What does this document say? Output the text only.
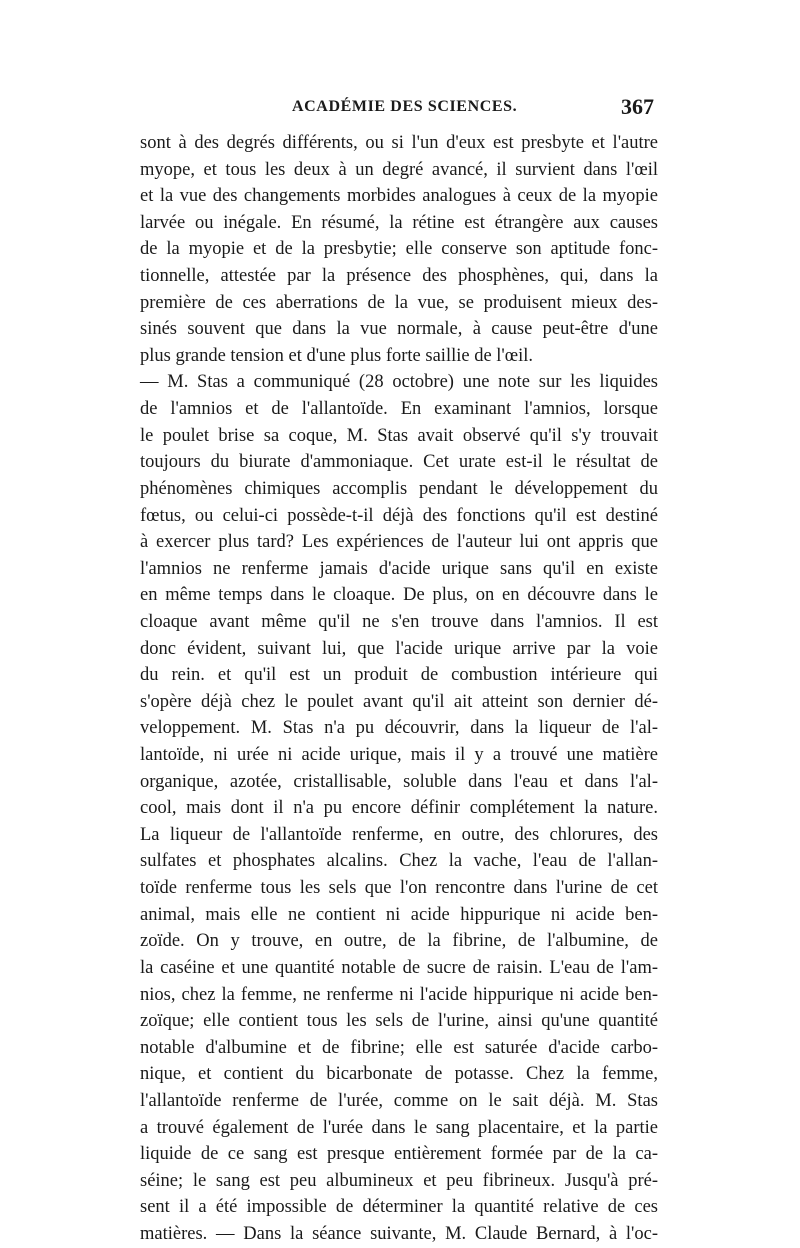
ACADÉMIE DES SCIENCES.	367
sont à des degrés différents, ou si l'un d'eux est presbyte et l'autre
myope, et tous les deux à un degré avancé, il survient dans l'œil
et la vue des changements morbides analogues à ceux de la myopie
larvée ou inégale. En résumé, la rétine est étrangère aux causes
de la myopie et de la presbytie; elle conserve son aptitude fonc-
tionnelle, attestée par la présence des phosphènes, qui, dans la
première de ces aberrations de la vue, se produisent mieux des-
sinés souvent que dans la vue normale, à cause peut-être d'une
plus grande tension et d'une plus forte saillie de l'œil.
— M. Stas a communiqué (28 octobre) une note sur les liquides
de l'amnios et de l'allantoïde. En examinant l'amnios, lorsque
le poulet brise sa coque, M. Stas avait observé qu'il s'y trouvait
toujours du biurate d'ammoniaque. Cet urate est-il le résultat de
phénomènes chimiques accomplis pendant le développement du
fœtus, ou celui-ci possède-t-il déjà des fonctions qu'il est destiné
à exercer plus tard? Les expériences de l'auteur lui ont appris que
l'amnios ne renferme jamais d'acide urique sans qu'il en existe
en même temps dans le cloaque. De plus, on en découvre dans le
cloaque avant même qu'il ne s'en trouve dans l'amnios. Il est
donc évident, suivant lui, que l'acide urique arrive par la voie
du rein. et qu'il est un produit de combustion intérieure qui
s'opère déjà chez le poulet avant qu'il ait atteint son dernier dé-
veloppement. M. Stas n'a pu découvrir, dans la liqueur de l'al-
lantoïde, ni urée ni acide urique, mais il y a trouvé une matière
organique, azotée, cristallisable, soluble dans l'eau et dans l'al-
cool, mais dont il n'a pu encore définir complétement la nature.
La liqueur de l'allantoïde renferme, en outre, des chlorures, des
sulfates et phosphates alcalins. Chez la vache, l'eau de l'allan-
toïde renferme tous les sels que l'on rencontre dans l'urine de cet
animal, mais elle ne contient ni acide hippurique ni acide ben-
zoïde. On y trouve, en outre, de la fibrine, de l'albumine, de
la caséine et une quantité notable de sucre de raisin. L'eau de l'am-
nios, chez la femme, ne renferme ni l'acide hippurique ni acide ben-
zoïque; elle contient tous les sels de l'urine, ainsi qu'une quantité
notable d'albumine et de fibrine; elle est saturée d'acide carbo-
nique, et contient du bicarbonate de potasse. Chez la femme,
l'allantoïde renferme de l'urée, comme on le sait déjà. M. Stas
a trouvé également de l'urée dans le sang placentaire, et la partie
liquide de ce sang est presque entièrement formée par de la ca-
séine; le sang est peu albumineux et peu fibrineux. Jusqu'à pré-
sent il a été impossible de déterminer la quantité relative de ces
matières. — Dans la séance suivante, M. Claude Bernard, à l'oc-
